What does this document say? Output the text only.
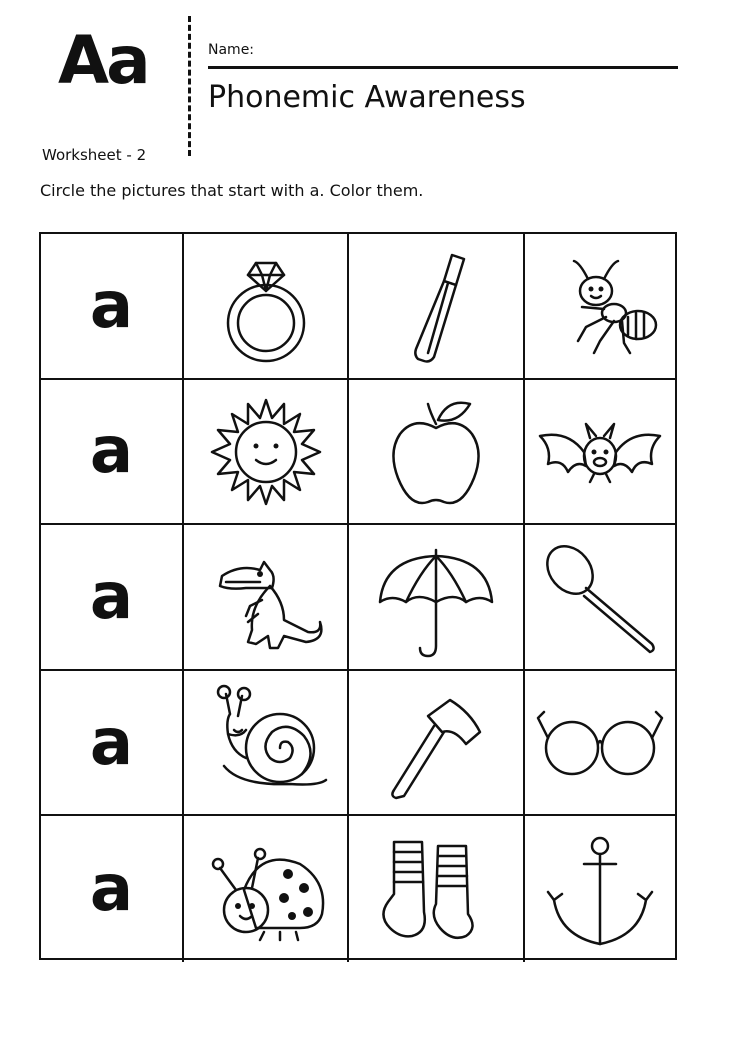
Aa
Worksheet - 2
Name:
Phonemic Awareness
Circle the pictures that start with a. Color them.
a
a
a
a
a
